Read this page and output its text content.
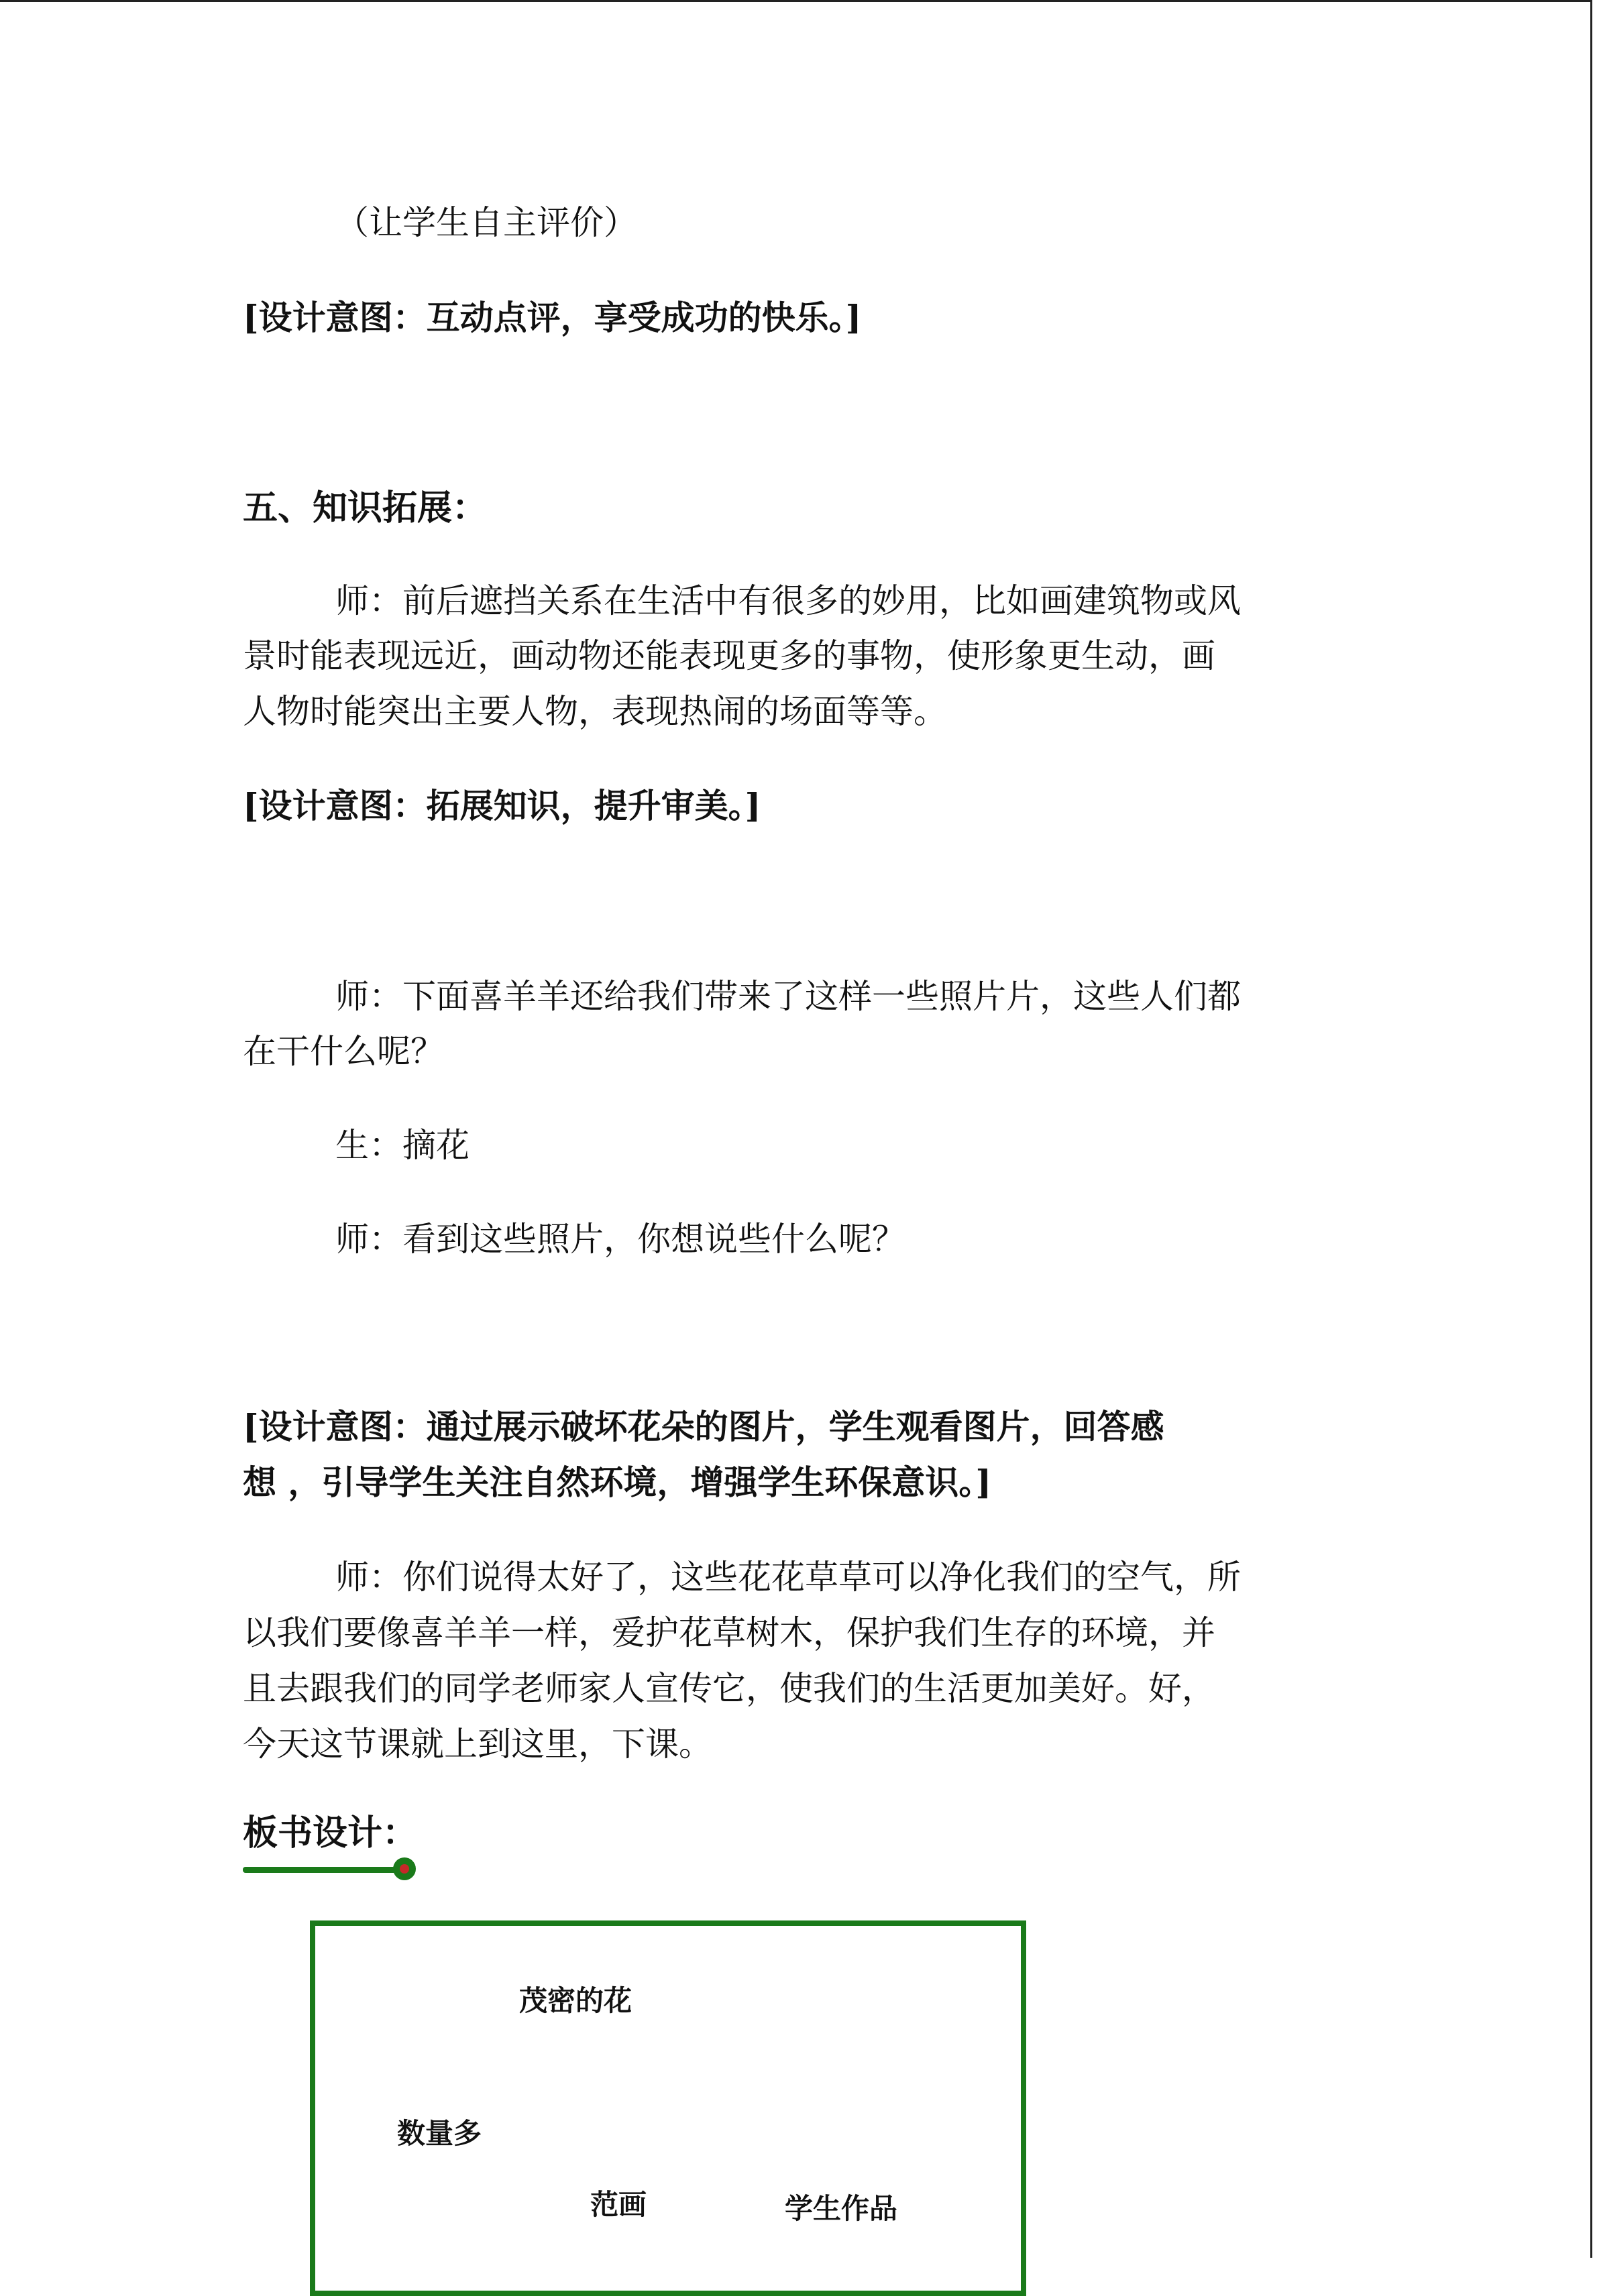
（让学生自主评价）

[设计意图：互动点评，享受成功的快乐。]

五、知识拓展：

师：前后遮挡关系在生活中有很多的妙用，比如画建筑物或风

景时能表现远近，画动物还能表现更多的事物，使形象更生动，画

人物时能突出主要人物，表现热闹的场面等等。

[设计意图：拓展知识，提升审美。]

师：下面喜羊羊还给我们带来了这样一些照片片，这些人们都

在干什么呢？

生：摘花

师：看到这些照片，你想说些什么呢？

[设计意图：通过展示破坏花朵的图片，学生观看图片，回答感

想 ，引导学生关注自然环境，增强学生环保意识。]

师：你们说得太好了，这些花花草草可以净化我们的空气，所

以我们要像喜羊羊一样，爱护花草树木，保护我们生存的环境，并

且去跟我们的同学老师家人宣传它，使我们的生活更加美好。好，

今天这节课就上到这里，下课。

板书设计：

茂密的花

数量多

范画	学生作品
